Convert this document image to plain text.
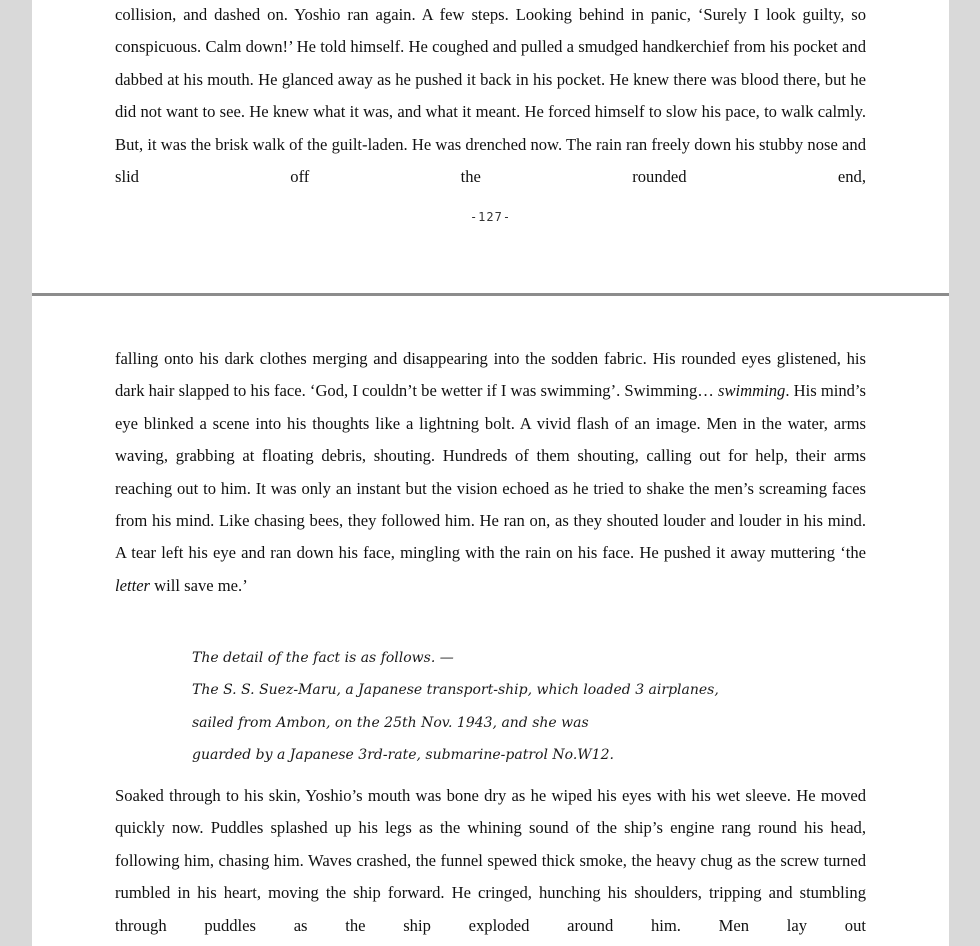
collision, and dashed on. Yoshio ran again. A few steps. Looking behind in panic, ‘Surely I look guilty, so conspicuous. Calm down!’ He told himself. He coughed and pulled a smudged handkerchief from his pocket and dabbed at his mouth. He glanced away as he pushed it back in his pocket. He knew there was blood there, but he did not want to see. He knew what it was, and what it meant. He forced himself to slow his pace, to walk calmly. But, it was the brisk walk of the guilt-laden. He was drenched now. The rain ran freely down his stubby nose and slid off the rounded end,

-127-

falling onto his dark clothes merging and disappearing into the sodden fabric. His rounded eyes glistened, his dark hair slapped to his face. ‘God, I couldn’t be wetter if I was swimming’. Swimming… swimming. His mind’s eye blinked a scene into his thoughts like a lightning bolt. A vivid flash of an image. Men in the water, arms waving, grabbing at floating debris, shouting. Hundreds of them shouting, calling out for help, their arms reaching out to him. It was only an instant but the vision echoed as he tried to shake the men’s screaming faces from his mind. Like chasing bees, they followed him. He ran on, as they shouted louder and louder in his mind. A tear left his eye and ran down his face, mingling with the rain on his face. He pushed it away muttering ‘the letter will save me.’

The detail of the fact is as follows. —
The S. S. Suez-Maru, a Japanese transport-ship, which loaded 3 airplanes,
sailed from Ambon, on the 25th Nov. 1943, and she was
guarded by a Japanese 3rd-rate, submarine-patrol No.W12.

Soaked through to his skin, Yoshio’s mouth was bone dry as he wiped his eyes with his wet sleeve. He moved quickly now. Puddles splashed up his legs as the whining sound of the ship’s engine rang round his head, following him, chasing him. Waves crashed, the funnel spewed thick smoke, the heavy chug as the screw turned rumbled in his heart, moving the ship forward. He cringed, hunching his shoulders, tripping and stumbling through puddles as the ship exploded around him. Men lay out
